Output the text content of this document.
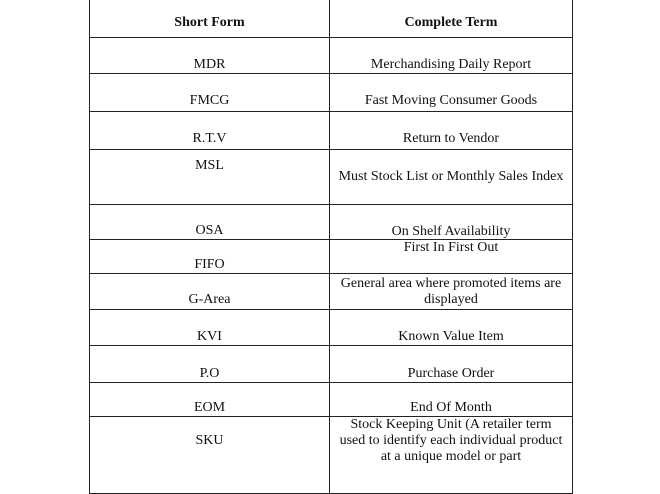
Short Form	Complete Term
MDR	Merchandising Daily Report
FMCG	Fast Moving Consumer Goods
R.T.V	Return to Vendor
MSL	Must Stock List or Monthly Sales Index
OSA	On Shelf Availability
FIFO	First In First Out
G-Area	General area where promoted items are displayed
KVI	Known Value Item
P.O	Purchase Order
EOM	End Of Month
SKU	Stock Keeping Unit (A retailer term used to identify each individual product at a unique model or part
